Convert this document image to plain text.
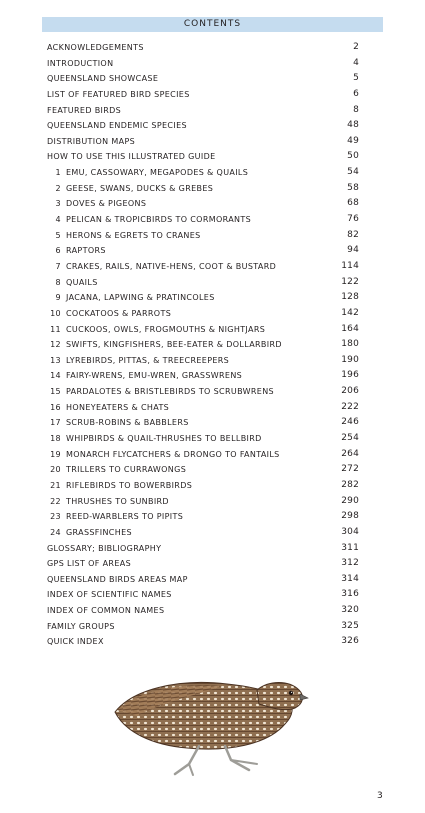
CONTENTS
ACKNOWLEDGEMENTS	2
INTRODUCTION	4
QUEENSLAND SHOWCASE	5
LIST OF FEATURED BIRD SPECIES	6
FEATURED BIRDS	8
QUEENSLAND ENDEMIC SPECIES	48
DISTRIBUTION MAPS	49
HOW TO USE THIS ILLUSTRATED GUIDE	50
1 EMU, CASSOWARY, MEGAPODES & QUAILS	54
2 GEESE, SWANS, DUCKS & GREBES	58
3 DOVES & PIGEONS	68
4 PELICAN & TROPICBIRDS TO CORMORANTS	76
5 HERONS & EGRETS TO CRANES	82
6 RAPTORS	94
7 CRAKES, RAILS, NATIVE-HENS, COOT & BUSTARD	114
8 QUAILS	122
9 JACANA, LAPWING & PRATINCOLES	128
10 COCKATOOS & PARROTS	142
11 CUCKOOS, OWLS, FROGMOUTHS & NIGHTJARS	164
12 SWIFTS, KINGFISHERS, BEE-EATER & DOLLARBIRD	180
13 LYREBIRDS, PITTAS, & TREECREEPERS	190
14 FAIRY-WRENS, EMU-WREN, GRASSWRENS	196
15 PARDALOTES & BRISTLEBIRDS TO SCRUBWRENS	206
16 HONEYEATERS & CHATS	222
17 SCRUB-ROBINS & BABBLERS	246
18 WHIPBIRDS & QUAIL-THRUSHES TO BELLBIRD	254
19 MONARCH FLYCATCHERS & DRONGO TO FANTAILS	264
20 TRILLERS TO CURRAWONGS	272
21 RIFLEBIRDS TO BOWERBIRDS	282
22 THRUSHES TO SUNBIRD	290
23 REED-WARBLERS TO PIPITS	298
24 GRASSFINCHES	304
GLOSSARY; BIBLIOGRAPHY	311
GPS LIST OF AREAS	312
QUEENSLAND BIRDS AREAS MAP	314
INDEX OF SCIENTIFIC NAMES	316
INDEX OF COMMON NAMES	320
FAMILY GROUPS	325
QUICK INDEX	326
3
